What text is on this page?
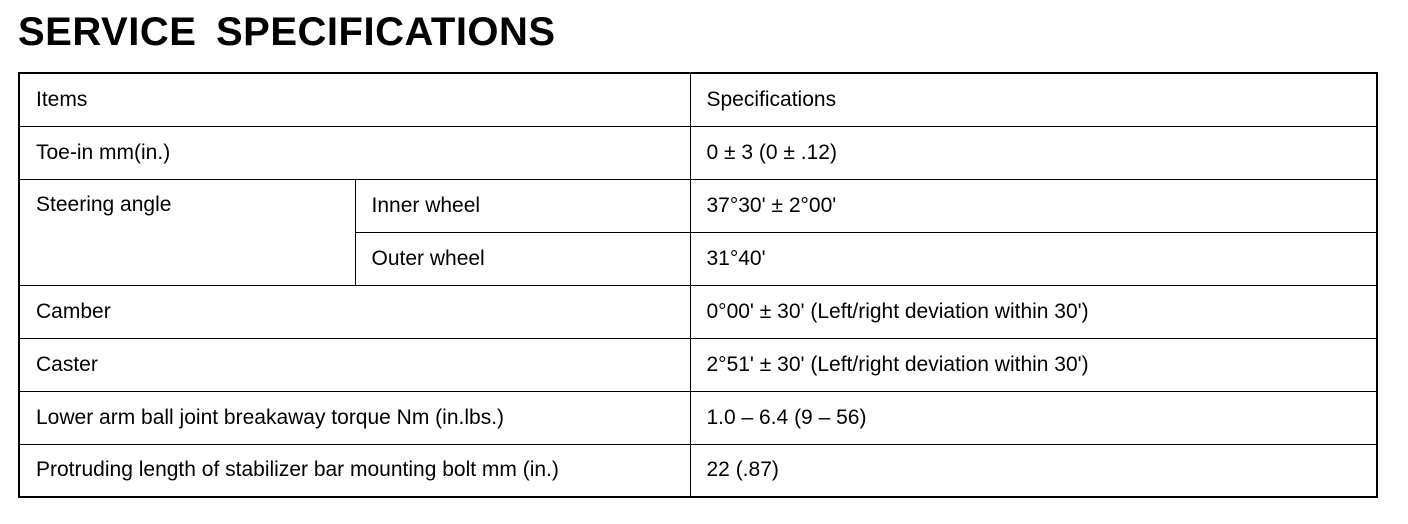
SERVICE SPECIFICATIONS
Items		Specifications
Toe-in mm(in.)		0 ± 3 (0 ± .12)
Steering angle	Inner wheel	37°30' ± 2°00'
	Outer wheel	31°40'
Camber		0°00' ± 30' (Left/right deviation within 30')
Caster		2°51' ± 30' (Left/right deviation within 30')
Lower arm ball joint breakaway torque Nm (in.lbs.)		1.0 – 6.4 (9 – 56)
Protruding length of stabilizer bar mounting bolt mm (in.)		22 (.87)
